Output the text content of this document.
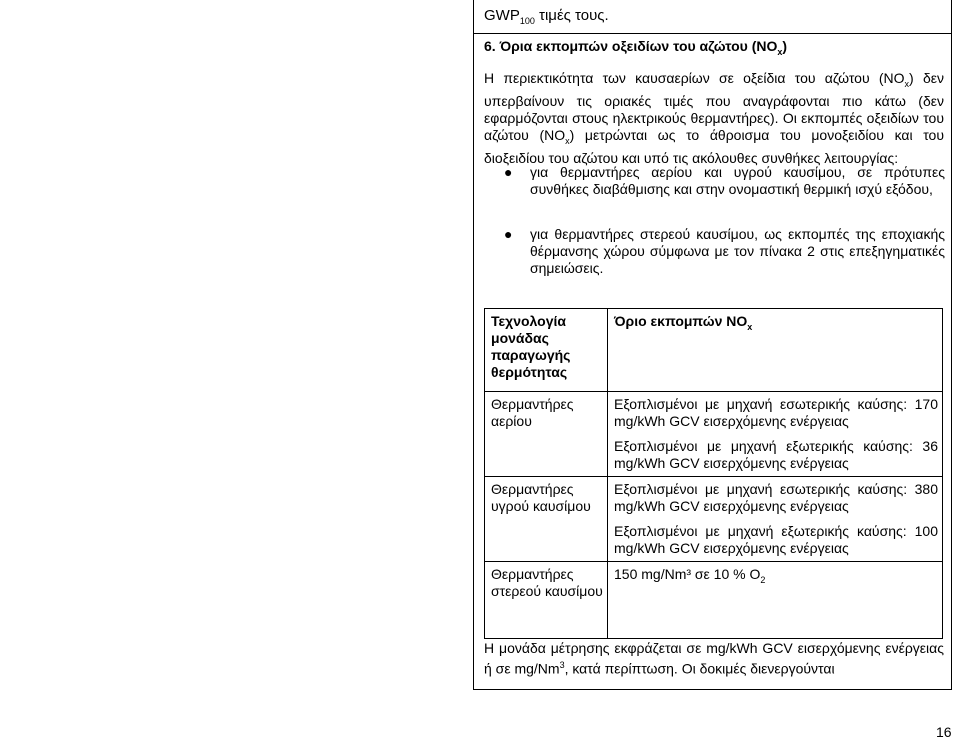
$GWP_{100}$ τιμές τους.
6. Όρια εκπομπών οξειδίων του αζώτου $(NO_x)$
Η περιεκτικότητα των καυσαερίων σε οξείδια του αζώτου $(NO_x)$ δεν υπερβαίνουν τις οριακές τιμές που αναγράφονται πιο κάτω (δεν εφαρμόζονται στους ηλεκτρικούς θερμαντήρες). Οι εκπομπές οξειδίων του αζώτου $(NO_x)$ μετρώνται ως το άθροισμα του μονοξειδίου και του διοξειδίου του αζώτου και υπό τις ακόλουθες συνθήκες λειτουργίας:
● για θερμαντήρες αερίου και υγρού καυσίμου, σε πρότυπες συνθήκες διαβάθμισης και στην ονομαστική θερμική ισχύ εξόδου,
● για θερμαντήρες στερεού καυσίμου, ως εκπομπές της εποχιακής θέρμανσης χώρου σύμφωνα με τον πίνακα 2 στις επεξηγηματικές σημειώσεις.
Τεχνολογία μονάδας παραγωγής θερμότητας	Όριο εκπομπών $NO_x$
Θερμαντήρες αερίου	Εξοπλισμένοι με μηχανή εσωτερικής καύσης: 170 mg/kWh GCV εισερχόμενης ενέργειας

Εξοπλισμένοι με μηχανή εξωτερικής καύσης: 36 mg/kWh GCV εισερχόμενης ενέργειας

Θερμαντήρες υγρού καυσίμου	Εξοπλισμένοι με μηχανή εσωτερικής καύσης: 380 mg/kWh GCV εισερχόμενης ενέργειας

Εξοπλισμένοι με μηχανή εξωτερικής καύσης: 100 mg/kWh GCV εισερχόμενης ενέργειας

Θερμαντήρες στερεού καυσίμου	150 mg/Nm³ σε 10 % $O_2$
Η μονάδα μέτρησης εκφράζεται σε mg/kWh GCV εισερχόμενης ενέργειας ή σε mg/Nm$^3$, κατά περίπτωση. Οι δοκιμές διενεργούνται
16
